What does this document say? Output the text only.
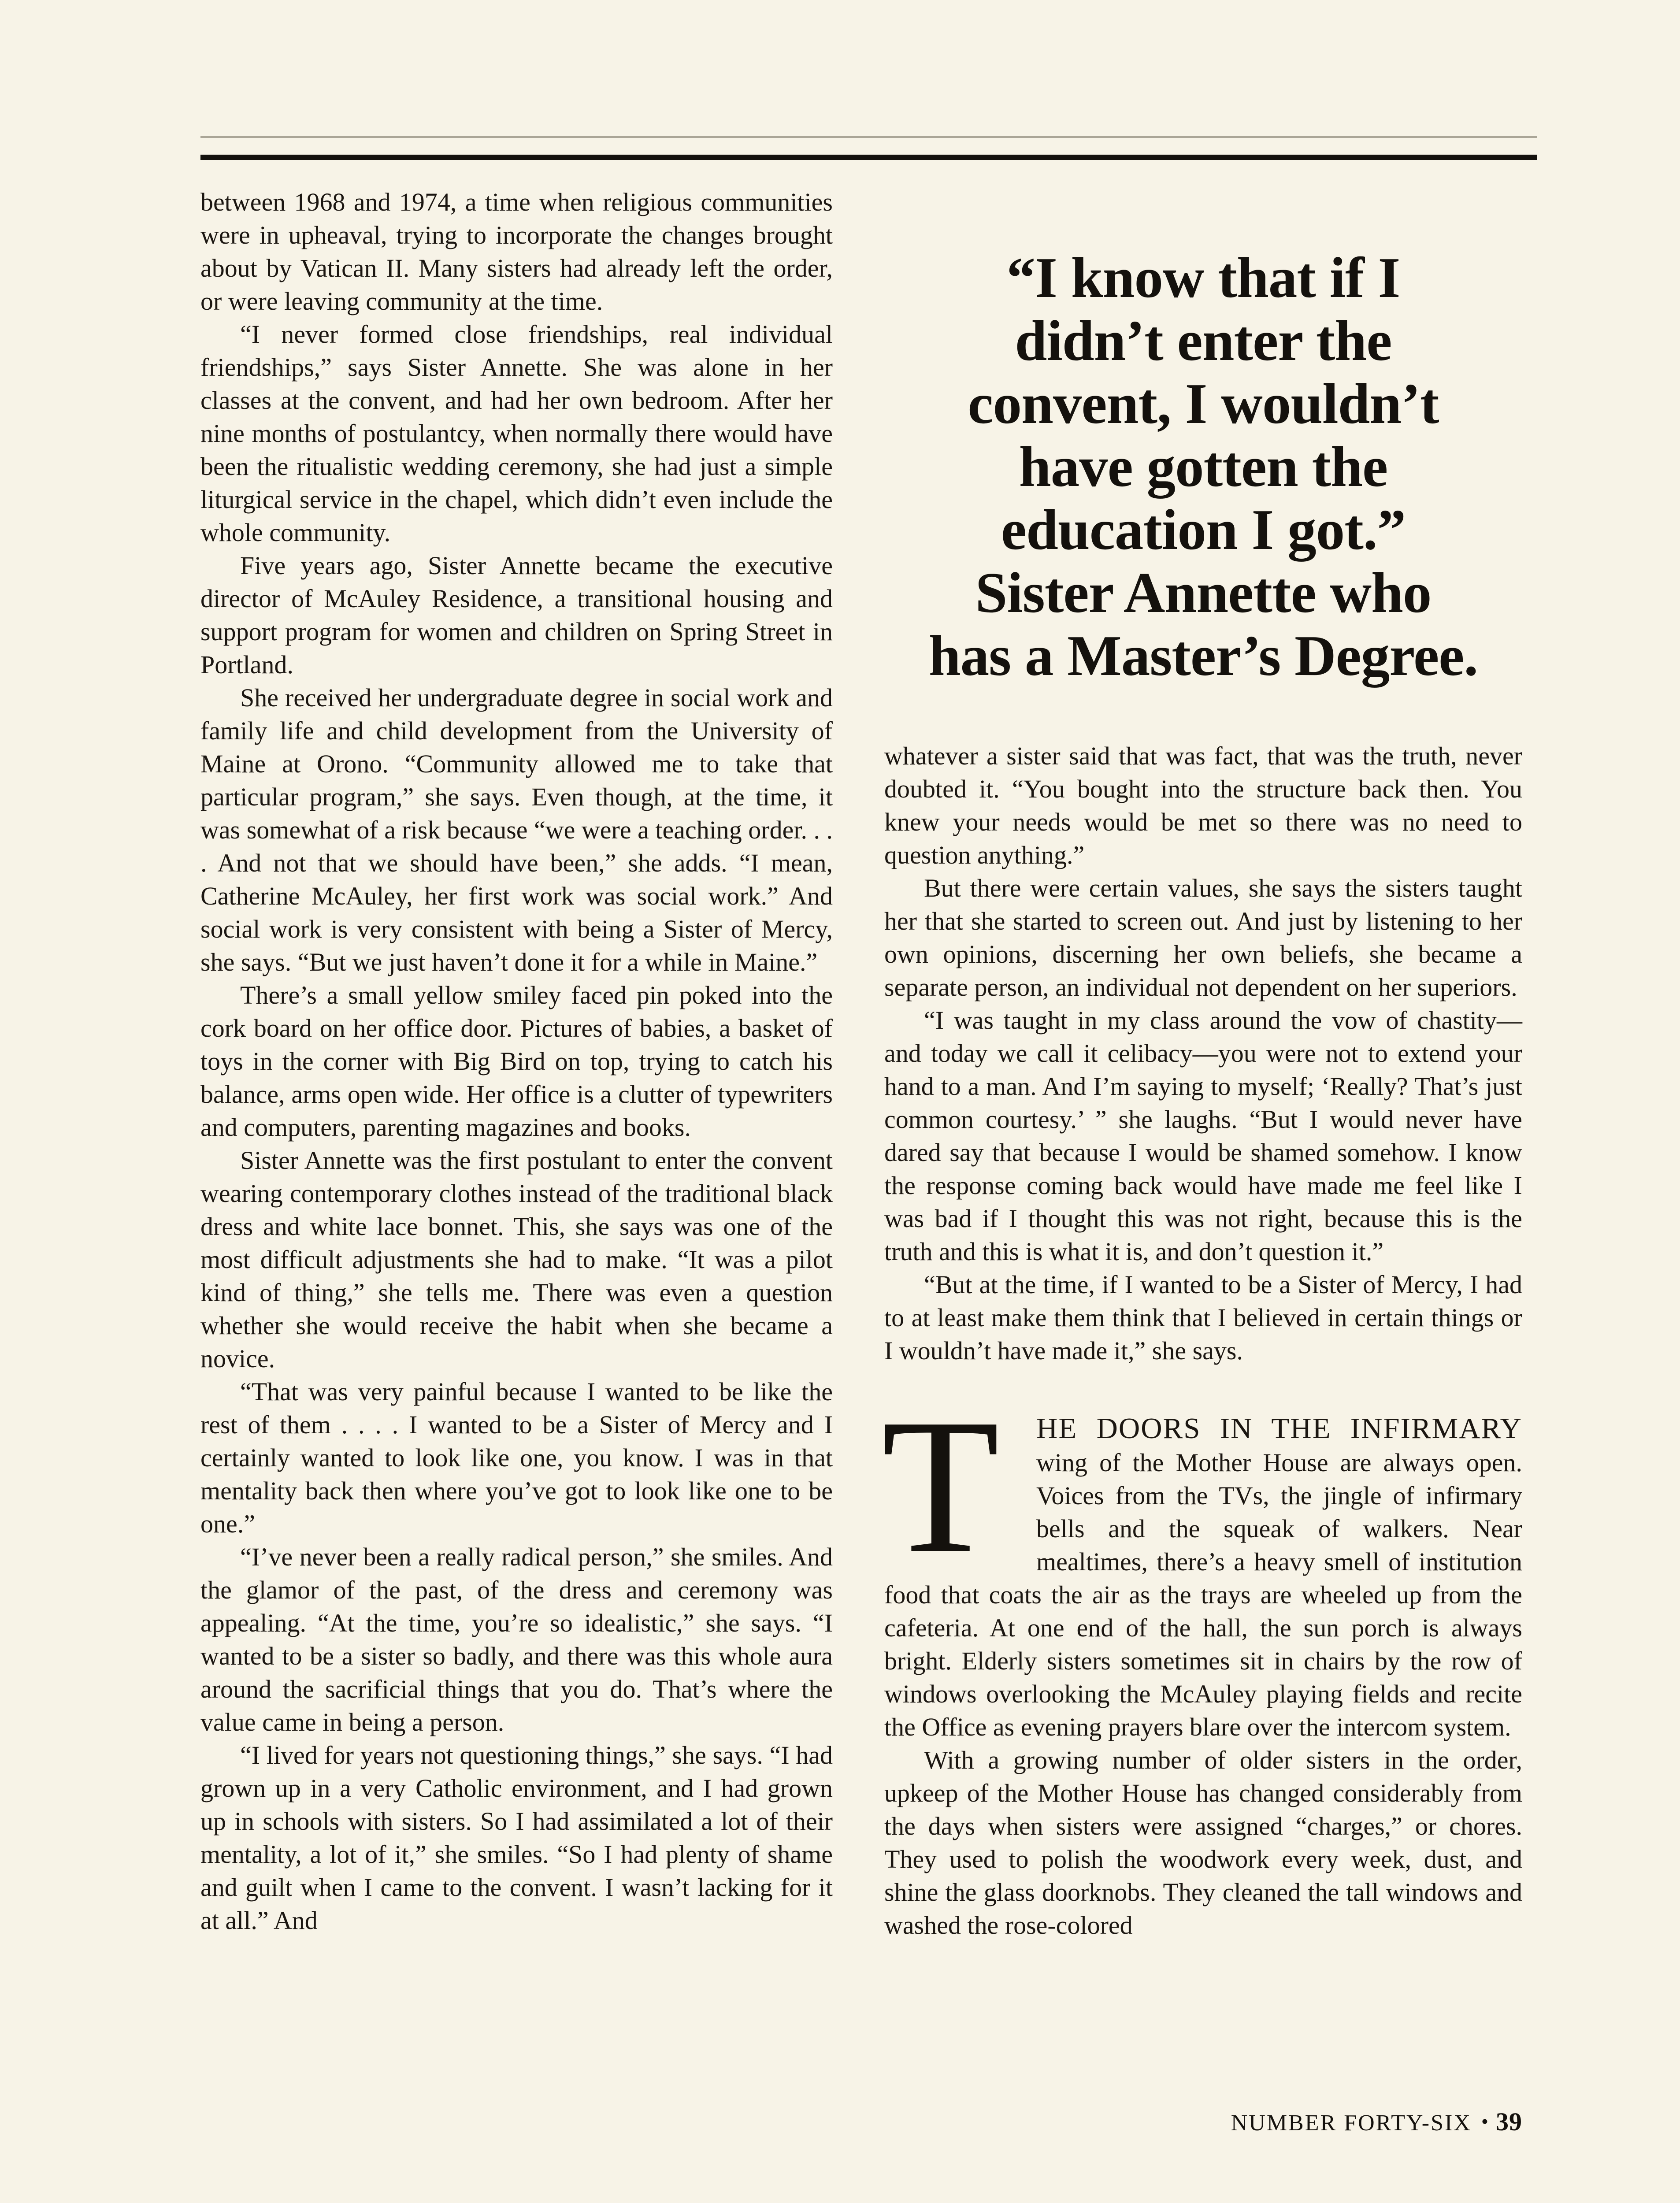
between 1968 and 1974, a time when religious communities were in upheaval, trying to incorporate the changes brought about by Vatican II. Many sisters had already left the order, or were leaving community at the time.

“I never formed close friendships, real individual friendships,” says Sister Annette. She was alone in her classes at the convent, and had her own bedroom. After her nine months of postulantcy, when normally there would have been the ritualistic wedding ceremony, she had just a simple liturgical service in the chapel, which didn’t even include the whole community.

Five years ago, Sister Annette became the executive director of McAuley Residence, a transitional housing and support program for women and children on Spring Street in Portland.

She received her undergraduate degree in social work and family life and child development from the University of Maine at Orono. “Community allowed me to take that particular program,” she says. Even though, at the time, it was somewhat of a risk because “we were a teaching order. . . . And not that we should have been,” she adds. “I mean, Catherine McAuley, her first work was social work.” And social work is very consistent with being a Sister of Mercy, she says. “But we just haven’t done it for a while in Maine.”

There’s a small yellow smiley faced pin poked into the cork board on her office door. Pictures of babies, a basket of toys in the corner with Big Bird on top, trying to catch his balance, arms open wide. Her office is a clutter of typewriters and computers, parenting magazines and books.

Sister Annette was the first postulant to enter the convent wearing contemporary clothes instead of the traditional black dress and white lace bonnet. This, she says was one of the most difficult adjustments she had to make. “It was a pilot kind of thing,” she tells me. There was even a question whether she would receive the habit when she became a novice.

“That was very painful because I wanted to be like the rest of them . . . . I wanted to be a Sister of Mercy and I certainly wanted to look like one, you know. I was in that mentality back then where you’ve got to look like one to be one.”

“I’ve never been a really radical person,” she smiles. And the glamor of the past, of the dress and ceremony was appealing. “At the time, you’re so idealistic,” she says. “I wanted to be a sister so badly, and there was this whole aura around the sacrificial things that you do. That’s where the value came in being a person.

“I lived for years not questioning things,” she says. “I had grown up in a very Catholic environment, and I had grown up in schools with sisters. So I had assimilated a lot of their mentality, a lot of it,” she smiles. “So I had plenty of shame and guilt when I came to the convent. I wasn’t lacking for it at all.” And

“I know that if I
didn’t enter the
convent, I wouldn’t
have gotten the
education I got.”
Sister Annette who
has a Master’s Degree.

whatever a sister said that was fact, that was the truth, never doubted it. “You bought into the structure back then. You knew your needs would be met so there was no need to question anything.”

But there were certain values, she says the sisters taught her that she started to screen out. And just by listening to her own opinions, discerning her own beliefs, she became a separate person, an individual not dependent on her superiors.

“I was taught in my class around the vow of chastity—and today we call it celibacy—you were not to extend your hand to a man. And I’m saying to myself; ‘Really? That’s just common courtesy.’ ” she laughs. “But I would never have dared say that because I would be shamed somehow. I know the response coming back would have made me feel like I was bad if I thought this was not right, because this is the truth and this is what it is, and don’t question it.”

“But at the time, if I wanted to be a Sister of Mercy, I had to at least make them think that I believed in certain things or I wouldn’t have made it,” she says.

T HE DOORS IN THE INFIRMARY wing of the Mother House are always open. Voices from the TVs, the jingle of infirmary bells and the squeak of walkers. Near mealtimes, there’s a heavy smell of institution food that coats the air as the trays are wheeled up from the cafeteria. At one end of the hall, the sun porch is always bright. Elderly sisters sometimes sit in chairs by the row of windows overlooking the McAuley playing fields and recite the Office as evening prayers blare over the intercom system.

With a growing number of older sisters in the order, upkeep of the Mother House has changed considerably from the days when sisters were assigned “charges,” or chores. They used to polish the woodwork every week, dust, and shine the glass doorknobs. They cleaned the tall windows and washed the rose-colored

NUMBER FORTY-SIX • 39
